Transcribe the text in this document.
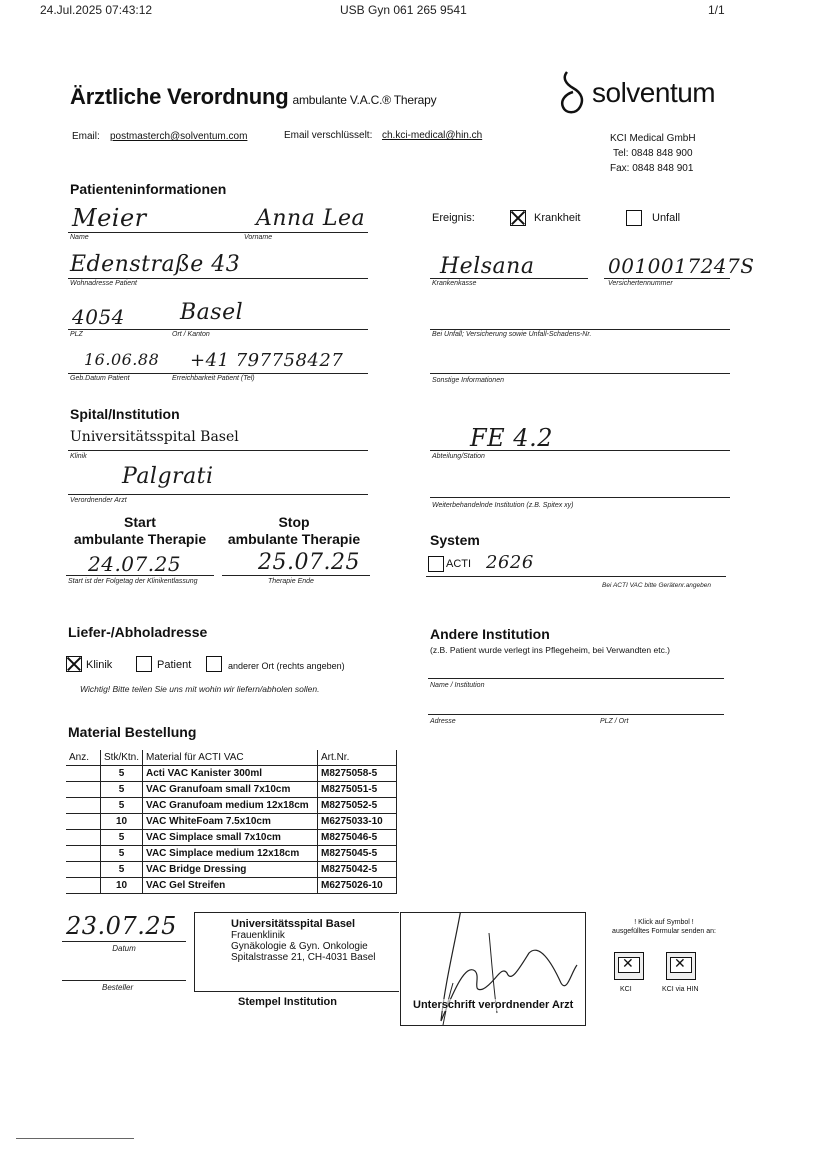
24.Jul.2025 07:43:12	USB Gyn 061 265 9541	1/1
Ärztliche Verordnung ambulante V.A.C.® Therapy	solventum
Email: postmasterch@solventum.com	Email verschlüsselt: ch.kci-medical@hin.ch	KCI Medical GmbH
Tel: 0848 848 900
Fax: 0848 848 901
Patienteninformationen
Meier
Name
Anna Lea
Vorname
Edenstraße 43
Wohnadresse Patient
4054	Basel
PLZ	Ort / Kanton
16.06.88 +41 797758427
Geb.Datum Patient	Erreichbarkeit Patient (Tel)
Ereignis:	Krankheit	Unfall
Helsana
Krankenkasse
0010017247S
Versichertennummer
Bei Unfall; Versicherung sowie Unfall-Schadens-Nr.
Sonstige Informationen
Spital/Institution
Universitätsspital Basel
Klinik
FE 4.2
Abteilung/Station
Palgrati
Verordnender Arzt
Weiterbehandelnde Institution (z.B. Spitex xy)
Start
ambulante Therapie
Stop
ambulante Therapie
24.07.25	25.07.25
Start ist der Folgetag der Klinikentlassung	Therapie Ende
System
ACTI 2626
Bei ACTI VAC bitte Gerätenr.angeben
Liefer-/Abholadresse
Klinik	Patient	anderer Ort (rechts angeben)
Wichtig! Bitte teilen Sie uns mit wohin wir liefern/abholen sollen.
Andere Institution
(z.B. Patient wurde verlegt ins Pflegeheim, bei Verwandten etc.)
Name / Institution
Adresse	PLZ / Ort
Material Bestellung
Anz.	Stk/Ktn.	Material für ACTI VAC	Art.Nr.
	5	Acti VAC Kanister 300ml	M8275058-5
	5	VAC Granufoam small 7x10cm	M8275051-5
	5	VAC Granufoam medium 12x18cm	M8275052-5
	10	VAC WhiteFoam 7.5x10cm	M6275033-10
	5	VAC Simplace small 7x10cm	M8275046-5
	5	VAC Simplace medium 12x18cm	M8275045-5
	5	VAC Bridge Dressing	M8275042-5
	10	VAC Gel Streifen	M6275026-10
23.07.25
Datum
Besteller
Universitätsspital Basel
Frauenklinik
Gynäkologie & Gyn. Onkologie
Spitalstrasse 21, CH-4031 Basel
Stempel Institution	Unterschrift verordnender Arzt
! Klick auf Symbol !
ausgefülltes Formular senden an:
✕
KCI
✕	KCI via HIN
